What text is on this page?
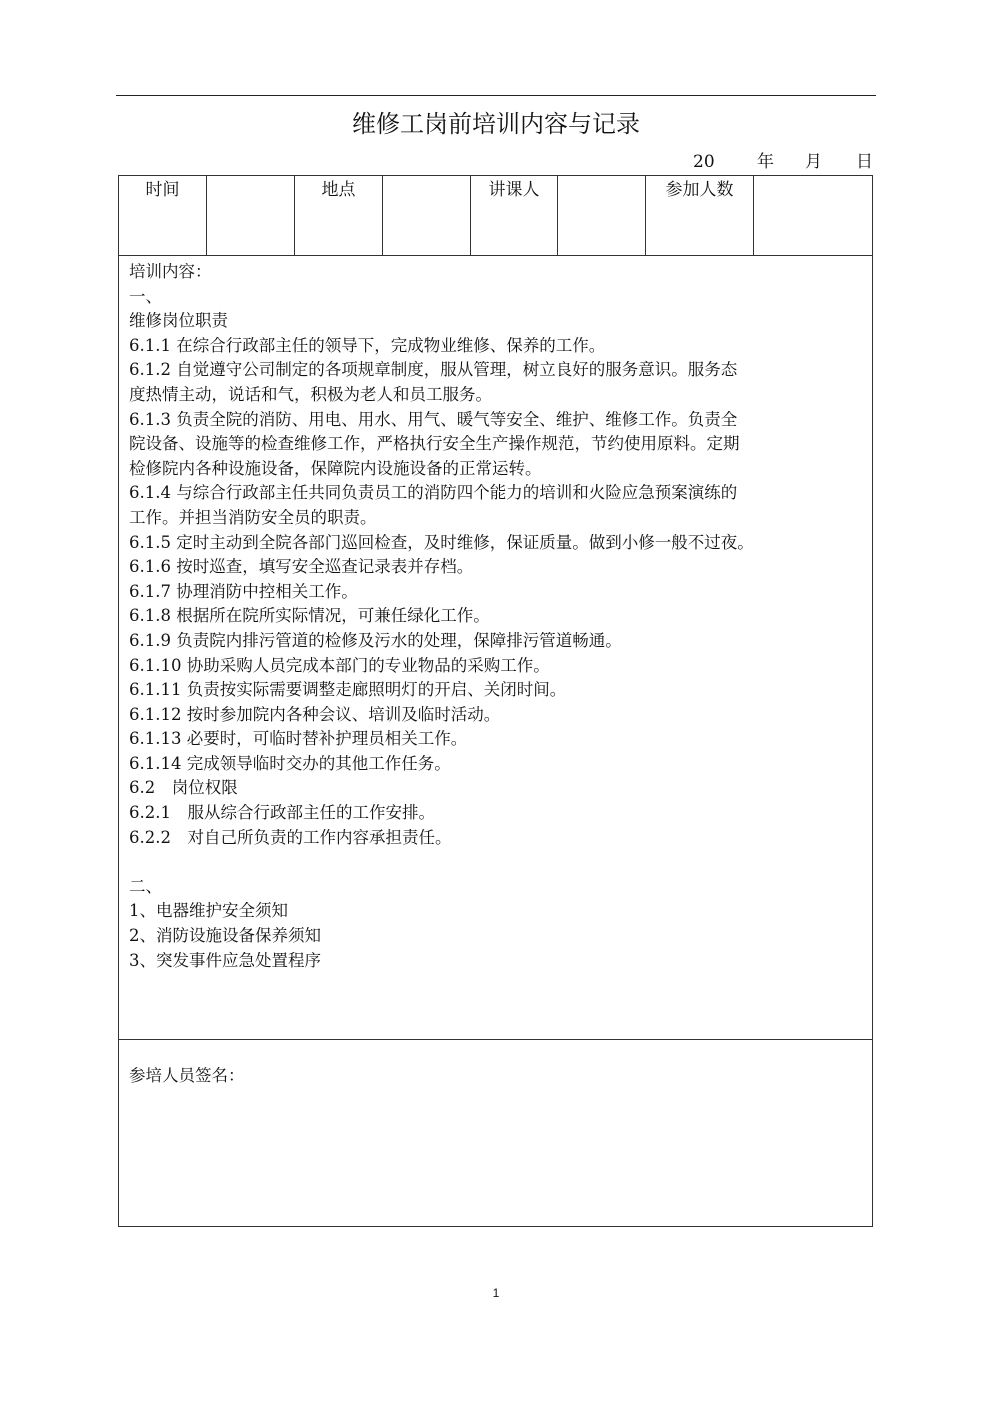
维修工岗前培训内容与记录
20 年 月 日
时间		地点		讲课人		参加人数	

培训内容：
一、
维修岗位职责
6.1.1 在综合行政部主任的领导下，完成物业维修、保养的工作。
6.1.2 自觉遵守公司制定的各项规章制度，服从管理，树立良好的服务意识。服务态
度热情主动，说话和气，积极为老人和员工服务。
6.1.3 负责全院的消防、用电、用水、用气、暖气等安全、维护、维修工作。负责全
院设备、设施等的检查维修工作，严格执行安全生产操作规范，节约使用原料。定期
检修院内各种设施设备，保障院内设施设备的正常运转。
6.1.4 与综合行政部主任共同负责员工的消防四个能力的培训和火险应急预案演练的
工作。并担当消防安全员的职责。
6.1.5 定时主动到全院各部门巡回检查，及时维修，保证质量。做到小修一般不过夜。
6.1.6 按时巡查，填写安全巡查记录表并存档。
6.1.7 协理消防中控相关工作。
6.1.8 根据所在院所实际情况，可兼任绿化工作。
6.1.9 负责院内排污管道的检修及污水的处理，保障排污管道畅通。
6.1.10 协助采购人员完成本部门的专业物品的采购工作。
6.1.11 负责按实际需要调整走廊照明灯的开启、关闭时间。
6.1.12 按时参加院内各种会议、培训及临时活动。
6.1.13 必要时，可临时替补护理员相关工作。
6.1.14 完成领导临时交办的其他工作任务。
6.2　岗位权限
6.2.1　服从综合行政部主任的工作安排。
6.2.2　对自己所负责的工作内容承担责任。
二、
1、电器维护安全须知
2、消防设施设备保养须知
3、突发事件应急处置程序

参培人员签名：
1
